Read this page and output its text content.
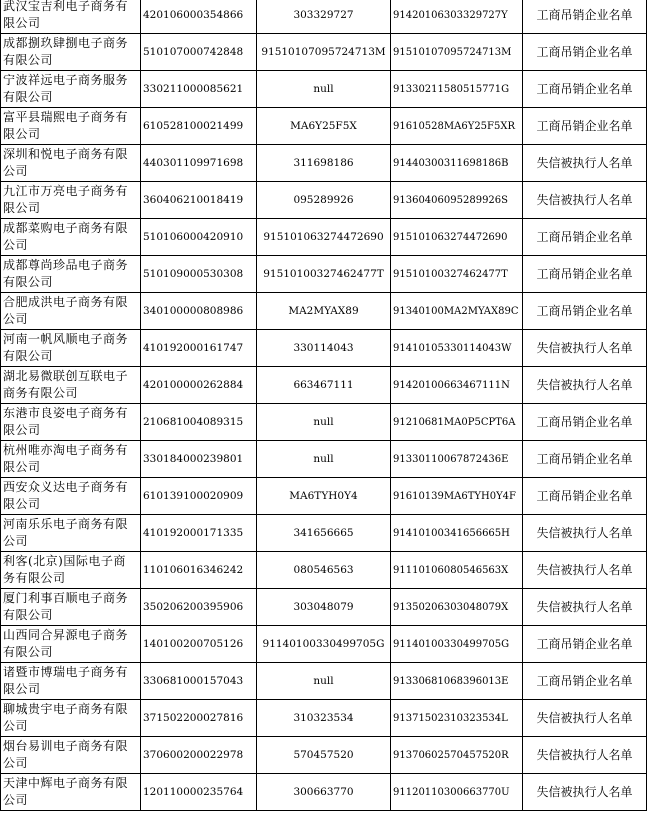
武汉宝吉利电子商务有限公司	420106000354866	303329727	91420106303329727Y	工商吊销企业名单
成都捌玖肆捌电子商务有限公司	510107000742848	91510107095724713M	91510107095724713M	工商吊销企业名单
宁波祥远电子商务服务有限公司	330211000085621	null	91330211580515771G	工商吊销企业名单
富平县瑞熙电子商务有限公司	610528100021499	MA6Y25F5X	91610528MA6Y25F5XR	工商吊销企业名单
深圳和悦电子商务有限公司	440301109971698	311698186	91440300311698186B	失信被执行人名单
九江市万亮电子商务有限公司	360406210018419	095289926	91360406095289926S	失信被执行人名单
成都菜购电子商务有限公司	510106000420910	915101063274472690	915101063274472690	工商吊销企业名单
成都尊尚珍品电子商务有限公司	510109000530308	91510100327462477T	91510100327462477T	工商吊销企业名单
合肥成洪电子商务有限公司	340100000808986	MA2MYAX89	91340100MA2MYAX89C	工商吊销企业名单
河南一帆风顺电子商务有限公司	410192000161747	330114043	91410105330114043W	失信被执行人名单
湖北易微联创互联电子商务有限公司	420100000262884	663467111	91420100663467111N	失信被执行人名单
东港市良姿电子商务有限公司	210681004089315	null	91210681MA0P5CPT6A	工商吊销企业名单
杭州唯亦淘电子商务有限公司	330184000239801	null	91330110067872436E	工商吊销企业名单
西安众义达电子商务有限公司	610139100020909	MA6TYH0Y4	91610139MA6TYH0Y4F	工商吊销企业名单
河南乐乐电子商务有限公司	410192000171335	341656665	91410100341656665H	失信被执行人名单
利客(北京)国际电子商务有限公司	110106016346242	080546563	91110106080546563X	失信被执行人名单
厦门利事百顺电子商务有限公司	350206200395906	303048079	91350206303048079X	失信被执行人名单
山西同合昇源电子商务有限公司	140100200705126	91140100330499705G	91140100330499705G	工商吊销企业名单
诸暨市博瑞电子商务有限公司	330681000157043	null	91330681068396013E	工商吊销企业名单
聊城贵宇电子商务有限公司	371502200027816	310323534	91371502310323534L	失信被执行人名单
烟台易训电子商务有限公司	370600200022978	570457520	91370602570457520R	失信被执行人名单
天津中辉电子商务有限公司	120110000235764	300663770	91120110300663770U	失信被执行人名单
